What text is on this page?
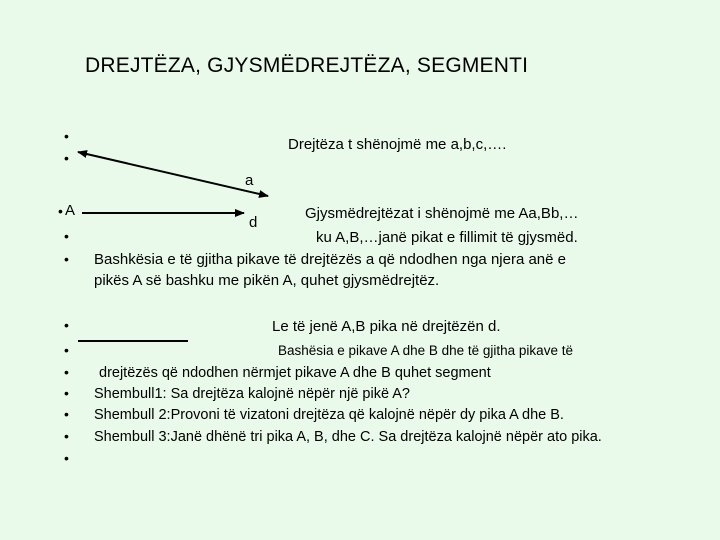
DREJTËZA, GJYSMËDREJTËZA, SEGMENTI
•
•
• A
•
•
•
•
•
•
•
•
•
Drejtëza t shënojmë me a,b,c,….
a
d
Gjysmëdrejtëzat i shënojmë me Aa,Bb,…
ku A,B,…janë pikat e fillimit të gjysmëd.
Bashkësia e të gjitha pikave të drejtëzës a që ndodhen nga njera anë e
pikës A së bashku me pikën A, quhet gjysmëdrejtëz.
Le të jenë A,B pika në drejtëzën d.
Bashësia e pikave A dhe B dhe të gjitha pikave të
drejtëzës që ndodhen nërmjet pikave A dhe B quhet segment
Shembull1: Sa drejtëza kalojnë nëpër një pikë A?
Shembull 2:Provoni të vizatoni drejtëza që kalojnë nëpër dy pika A dhe B.
Shembull 3:Janë dhënë tri pika A, B, dhe C. Sa drejtëza kalojnë nëpër ato pika.
